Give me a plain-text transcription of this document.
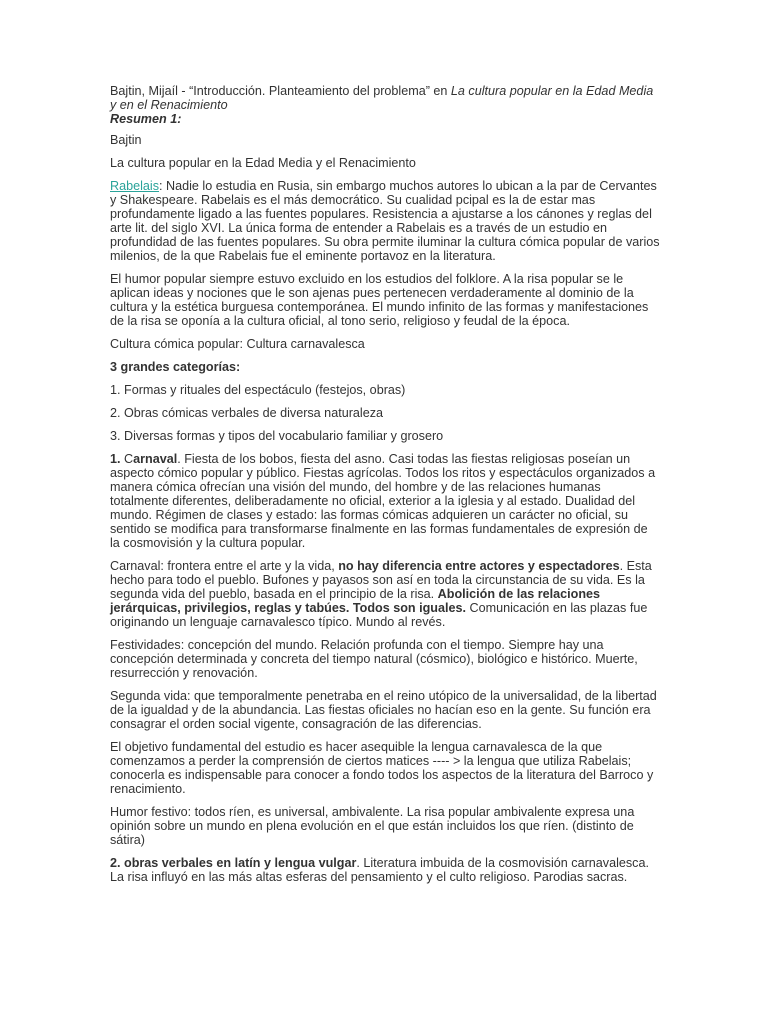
Bajtin, Mijaíl - “Introducción. Planteamiento del problema” en La cultura popular en la Edad Media y en el Renacimiento
Resumen 1:

Bajtin

La cultura popular en la Edad Media y el Renacimiento

Rabelais: Nadie lo estudia en Rusia, sin embargo muchos autores lo ubican a la par de Cervantes y Shakespeare. Rabelais es el más democrático. Su cualidad pcipal es la de estar mas profundamente ligado a las fuentes populares. Resistencia a ajustarse a los cánones y reglas del arte lit. del siglo XVI. La única forma de entender a Rabelais es a través de un estudio en profundidad de las fuentes populares. Su obra permite iluminar la cultura cómica popular de varios milenios, de la que Rabelais fue el eminente portavoz en la literatura.

El humor popular siempre estuvo excluido en los estudios del folklore. A la risa popular se le aplican ideas y nociones que le son ajenas pues pertenecen verdaderamente al dominio de la cultura y la estética burguesa contemporánea. El mundo infinito de las formas y manifestaciones de la risa se oponía a la cultura oficial, al tono serio, religioso y feudal de la época.

Cultura cómica popular: Cultura carnavalesca

3 grandes categorías:

1. Formas y rituales del espectáculo (festejos, obras)

2. Obras cómicas verbales de diversa naturaleza

3. Diversas formas y tipos del vocabulario familiar y grosero

1. Carnaval. Fiesta de los bobos, fiesta del asno. Casi todas las fiestas religiosas poseían un aspecto cómico popular y público. Fiestas agrícolas. Todos los ritos y espectáculos organizados a manera cómica ofrecían una visión del mundo, del hombre y de las relaciones humanas totalmente diferentes, deliberadamente no oficial, exterior a la iglesia y al estado. Dualidad del mundo. Régimen de clases y estado: las formas cómicas adquieren un carácter no oficial, su sentido se modifica para transformarse finalmente en las formas fundamentales de expresión de la cosmovisión y la cultura popular.

Carnaval: frontera entre el arte y la vida, no hay diferencia entre actores y espectadores. Esta hecho para todo el pueblo. Bufones y payasos son así en toda la circunstancia de su vida. Es la segunda vida del pueblo, basada en el principio de la risa. Abolición de las relaciones jerárquicas, privilegios, reglas y tabúes. Todos son iguales. Comunicación en las plazas fue originando un lenguaje carnavalesco típico. Mundo al revés.

Festividades: concepción del mundo. Relación profunda con el tiempo. Siempre hay una concepción determinada y concreta del tiempo natural (cósmico), biológico e histórico. Muerte, resurrección y renovación.

Segunda vida: que temporalmente penetraba en el reino utópico de la universalidad, de la libertad de la igualdad y de la abundancia. Las fiestas oficiales no hacían eso en la gente. Su función era consagrar el orden social vigente, consagración de las diferencias.

El objetivo fundamental del estudio es hacer asequible la lengua carnavalesca de la que comenzamos a perder la comprensión de ciertos matices ---- > la lengua que utiliza Rabelais; conocerla es indispensable para conocer a fondo todos los aspectos de la literatura del Barroco y renacimiento.

Humor festivo: todos ríen, es universal, ambivalente. La risa popular ambivalente expresa una opinión sobre un mundo en plena evolución en el que están incluidos los que ríen. (distinto de sátira)

2. obras verbales en latín y lengua vulgar. Literatura imbuida de la cosmovisión carnavalesca. La risa influyó en las más altas esferas del pensamiento y el culto religioso. Parodias sacras.
